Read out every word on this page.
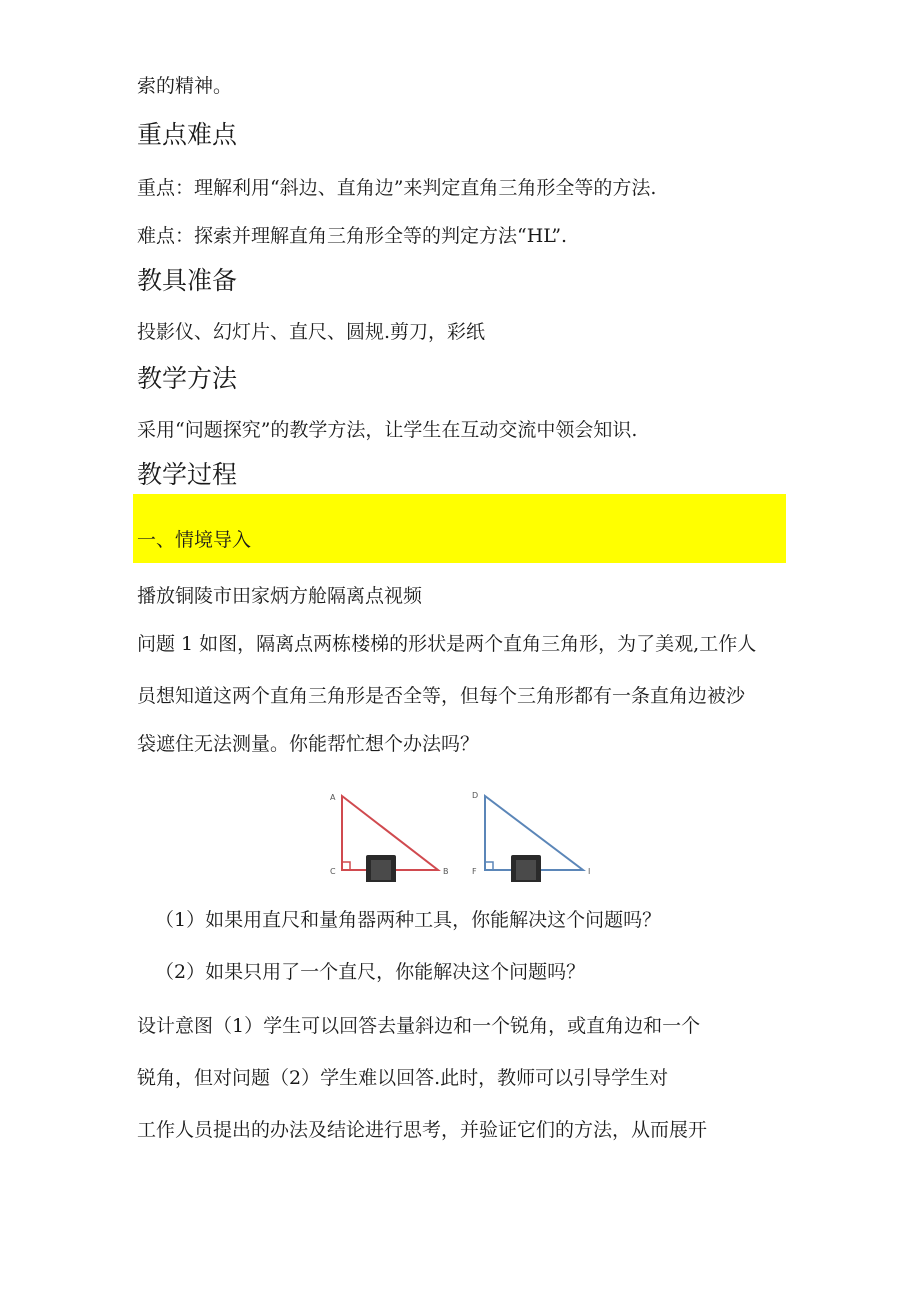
索的精神。
重点难点
重点：理解利用“斜边、直角边”来判定直角三角形全等的方法.
难点：探索并理解直角三角形全等的判定方法“HL”.
教具准备
投影仪、幻灯片、直尺、圆规.剪刀，彩纸
教学方法
采用“问题探究”的教学方法，让学生在互动交流中领会知识.
教学过程
一、情境导入
播放铜陵市田家炳方舱隔离点视频
问题 1 如图，隔离点两栋楼梯的形状是两个直角三角形，为了美观,工作人
员想知道这两个直角三角形是否全等，但每个三角形都有一条直角边被沙
袋遮住无法测量。你能帮忙想个办法吗？
A
C	B
D
F	I
（1）如果用直尺和量角器两种工具，你能解决这个问题吗？
（2）如果只用了一个直尺，你能解决这个问题吗？
设计意图（1）学生可以回答去量斜边和一个锐角，或直角边和一个
锐角，但对问题（2）学生难以回答.此时，教师可以引导学生对
工作人员提出的办法及结论进行思考，并验证它们的方法，从而展开
